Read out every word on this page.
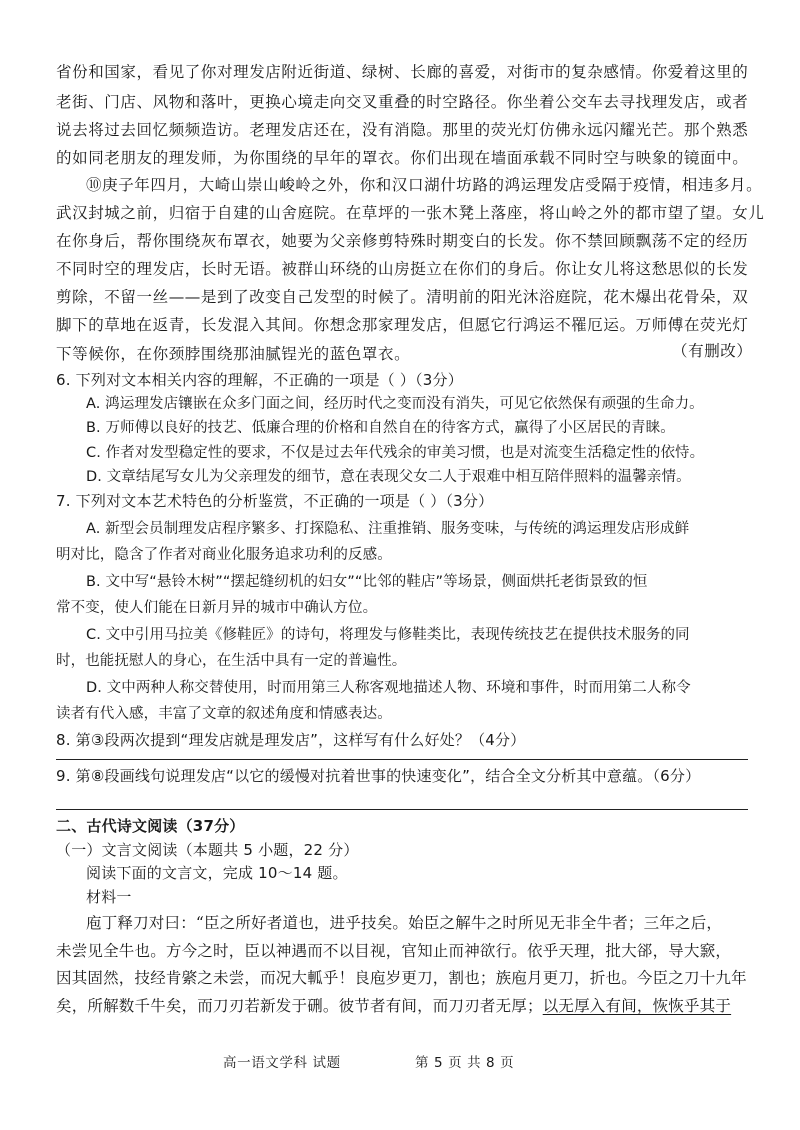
省份和国家，看见了你对理发店附近街道、绿树、长廊的喜爱，对街市的复杂感情。你爱着这里的
老街、门店、风物和落叶，更换心境走向交叉重叠的时空路径。你坐着公交车去寻找理发店，或者
说去将过去回忆频频造访。老理发店还在，没有消隐。那里的荧光灯仿佛永远闪耀光芒。那个熟悉
的如同老朋友的理发师，为你围绕的早年的罩衣。你们出现在墙面承载不同时空与映象的镜面中。
⑩庚子年四月，大崎山崇山峻岭之外，你和汉口湖什坊路的鸿运理发店受隔于疫情，相违多月。
武汉封城之前，归宿于自建的山舍庭院。在草坪的一张木凳上落座，将山岭之外的都市望了望。女儿
在你身后，帮你围绕灰布罩衣，她要为父亲修剪特殊时期变白的长发。你不禁回顾飘荡不定的经历
不同时空的理发店，长时无语。被群山环绕的山房挺立在你们的身后。你让女儿将这愁思似的长发
剪除，不留一丝——是到了改变自己发型的时候了。清明前的阳光沐浴庭院，花木爆出花骨朵，双
脚下的草地在返青，长发混入其间。你想念那家理发店，但愿它行鸿运不罹厄运。万师傅在荧光灯
下等候你，在你颈脖围绕那油腻锃光的蓝色罩衣。	（有删改）
6. 下列对文本相关内容的理解，不正确的一项是（ ）（3分）
A. 鸿运理发店镶嵌在众多门面之间，经历时代之变而没有消失，可见它依然保有顽强的生命力。
B. 万师傅以良好的技艺、低廉合理的价格和自然自在的待客方式，赢得了小区居民的青睐。
C. 作者对发型稳定性的要求，不仅是过去年代残余的审美习惯，也是对流变生活稳定性的依恃。
D. 文章结尾写女儿为父亲理发的细节，意在表现父女二人于艰难中相互陪伴照料的温馨亲情。
7. 下列对文本艺术特色的分析鉴赏，不正确的一项是（ ）（3分）
A. 新型会员制理发店程序繁多、打探隐私、注重推销、服务变味，与传统的鸿运理发店形成鲜
明对比，隐含了作者对商业化服务追求功利的反感。
B. 文中写“悬铃木树”“摆起缝纫机的妇女”“比邻的鞋店”等场景，侧面烘托老街景致的恒
常不变，使人们能在日新月异的城市中确认方位。
C. 文中引用马拉美《修鞋匠》的诗句，将理发与修鞋类比，表现传统技艺在提供技术服务的同
时，也能抚慰人的身心，在生活中具有一定的普遍性。
D. 文中两种人称交替使用，时而用第三人称客观地描述人物、环境和事件，时而用第二人称令
读者有代入感，丰富了文章的叙述角度和情感表达。
8. 第③段两次提到“理发店就是理发店”，这样写有什么好处？（4分）
9. 第⑧段画线句说理发店“以它的缓慢对抗着世事的快速变化”，结合全文分析其中意蕴。（6分）
二、古代诗文阅读（37分）
（一）文言文阅读（本题共 5 小题，22 分）
阅读下面的文言文，完成 10～14 题。
材料一
庖丁释刀对曰：“臣之所好者道也，进乎技矣。始臣之解牛之时所见无非全牛者；三年之后，
未尝见全牛也。方今之时，臣以神遇而不以目视，官知止而神欲行。依乎天理，批大郤，导大窾，
因其固然，技经肯綮之未尝，而况大軱乎！良庖岁更刀，割也；族庖月更刀，折也。今臣之刀十九年
矣，所解数千牛矣，而刀刃若新发于硎。彼节者有间，而刀刃者无厚；以无厚入有间，恢恢乎其于
高一语文学科 试题	第 5 页 共 8 页
